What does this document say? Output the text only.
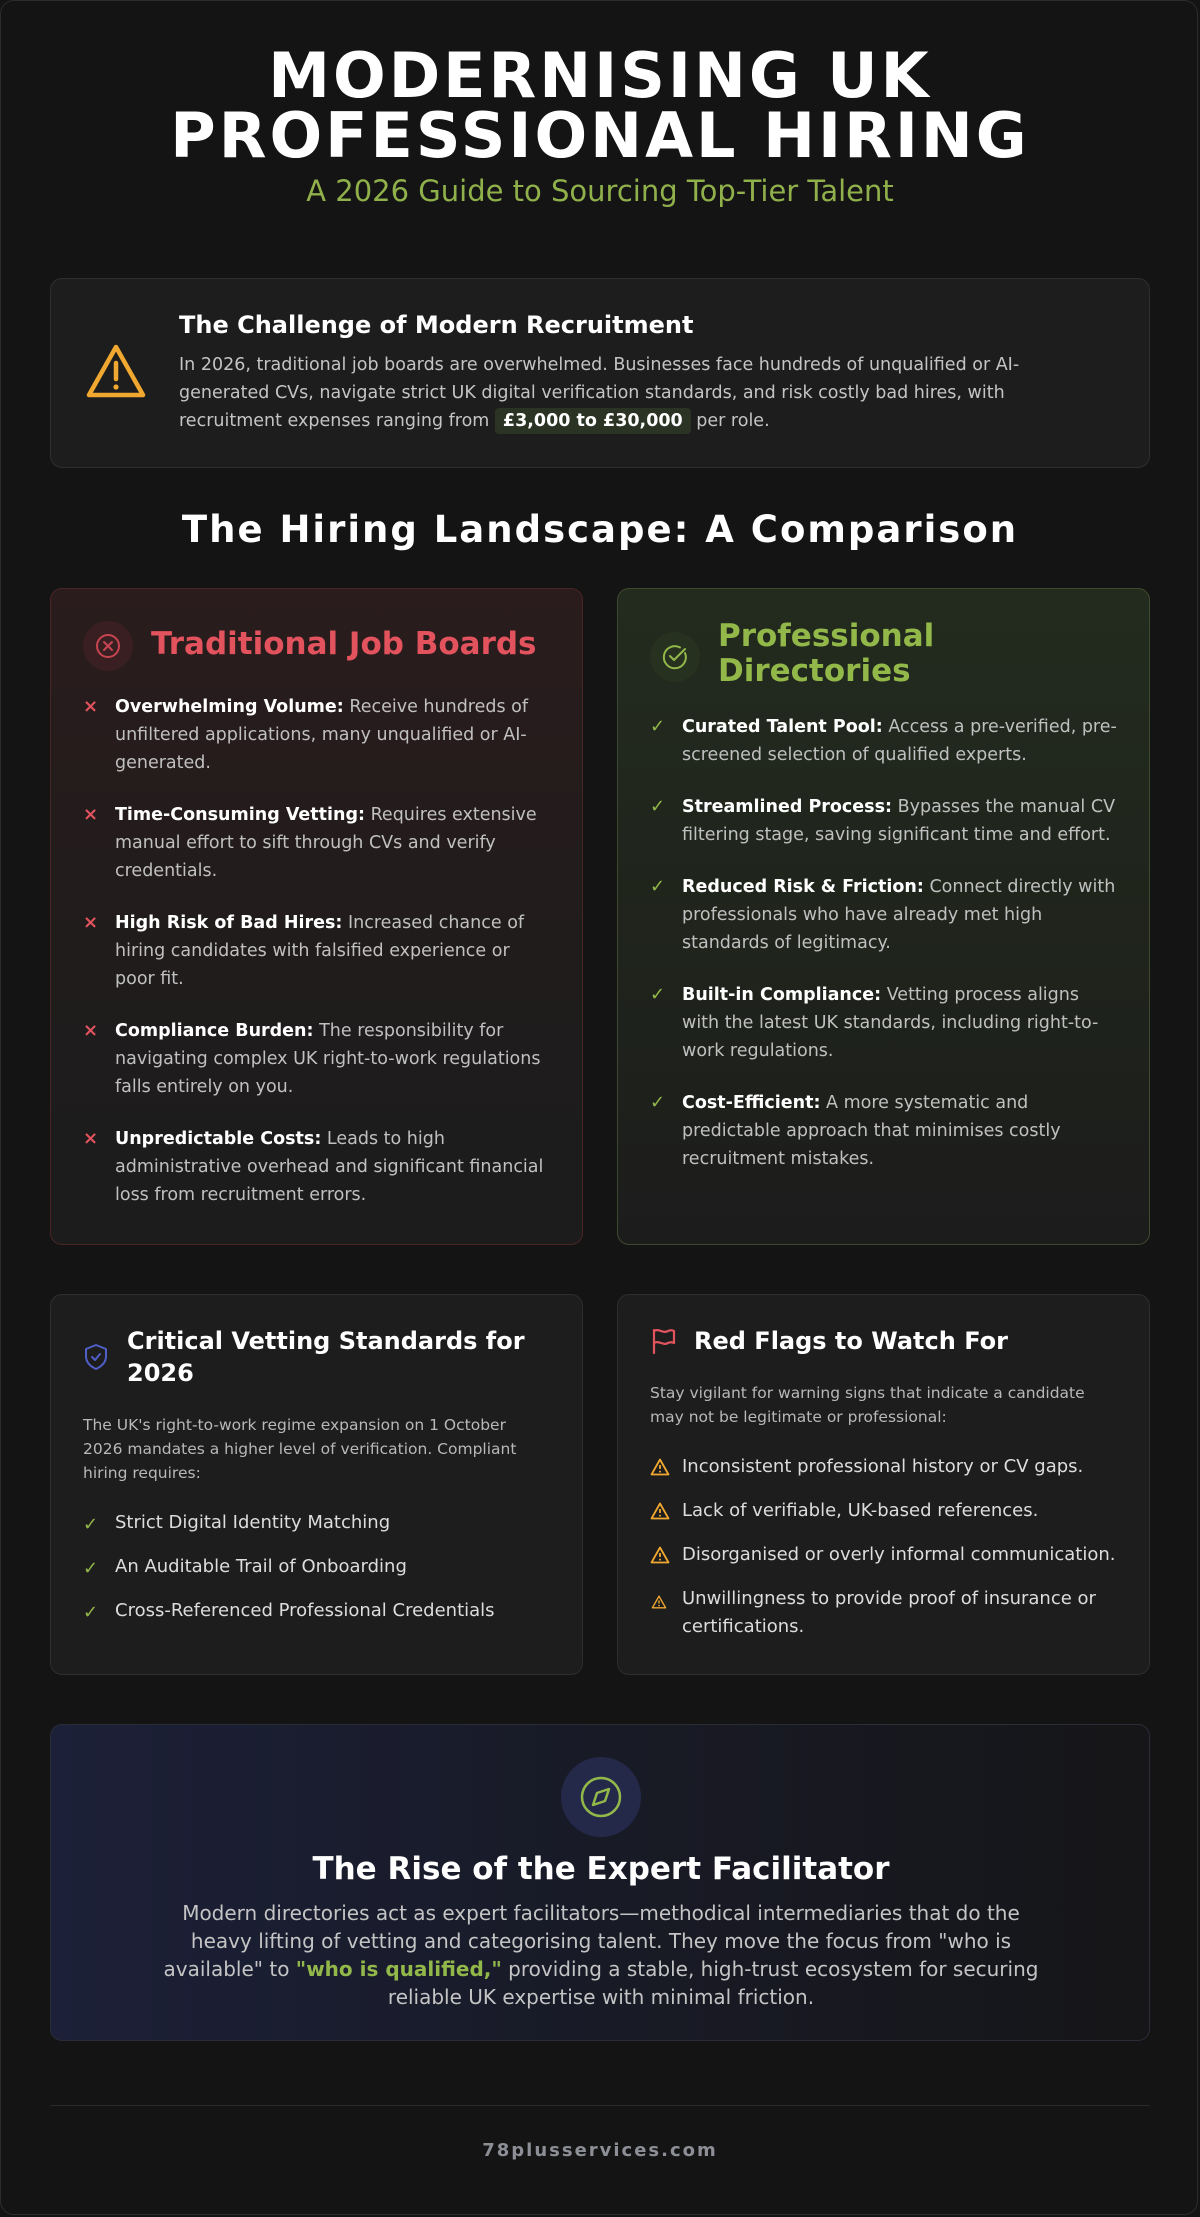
MODERNISING UK PROFESSIONAL HIRING
A 2026 Guide to Sourcing Top-Tier Talent
The Challenge of Modern Recruitment
In 2026, traditional job boards are overwhelmed. Businesses face hundreds of unqualified or AI-generated CVs, navigate strict UK digital verification standards, and risk costly bad hires, with recruitment expenses ranging from £3,000 to £30,000 per role.
The Hiring Landscape: A Comparison
Traditional Job Boards
× Overwhelming Volume: Receive hundreds of unfiltered applications, many unqualified or AI-generated.
× Time-Consuming Vetting: Requires extensive manual effort to sift through CVs and verify credentials.
× High Risk of Bad Hires: Increased chance of hiring candidates with falsified experience or poor fit.
× Compliance Burden: The responsibility for navigating complex UK right-to-work regulations falls entirely on you.
× Unpredictable Costs: Leads to high administrative overhead and significant financial loss from recruitment errors.
Professional Directories
✓ Curated Talent Pool: Access a pre-verified, pre-screened selection of qualified experts.
✓ Streamlined Process: Bypasses the manual CV filtering stage, saving significant time and effort.
✓ Reduced Risk & Friction: Connect directly with professionals who have already met high standards of legitimacy.
✓ Built-in Compliance: Vetting process aligns with the latest UK standards, including right-to-work regulations.
✓ Cost-Efficient: A more systematic and predictable approach that minimises costly recruitment mistakes.
Critical Vetting Standards for 2026
The UK's right-to-work regime expansion on 1 October 2026 mandates a higher level of verification. Compliant hiring requires:
✓ Strict Digital Identity Matching
✓ An Auditable Trail of Onboarding
✓ Cross-Referenced Professional Credentials
Red Flags to Watch For
Stay vigilant for warning signs that indicate a candidate may not be legitimate or professional:
Inconsistent professional history or CV gaps.
Lack of verifiable, UK-based references.
Disorganised or overly informal communication.
Unwillingness to provide proof of insurance or certifications.
The Rise of the Expert Facilitator
Modern directories act as expert facilitators—methodical intermediaries that do the heavy lifting of vetting and categorising talent. They move the focus from "who is available" to "who is qualified," providing a stable, high-trust ecosystem for securing reliable UK expertise with minimal friction.
78plusservices.com
